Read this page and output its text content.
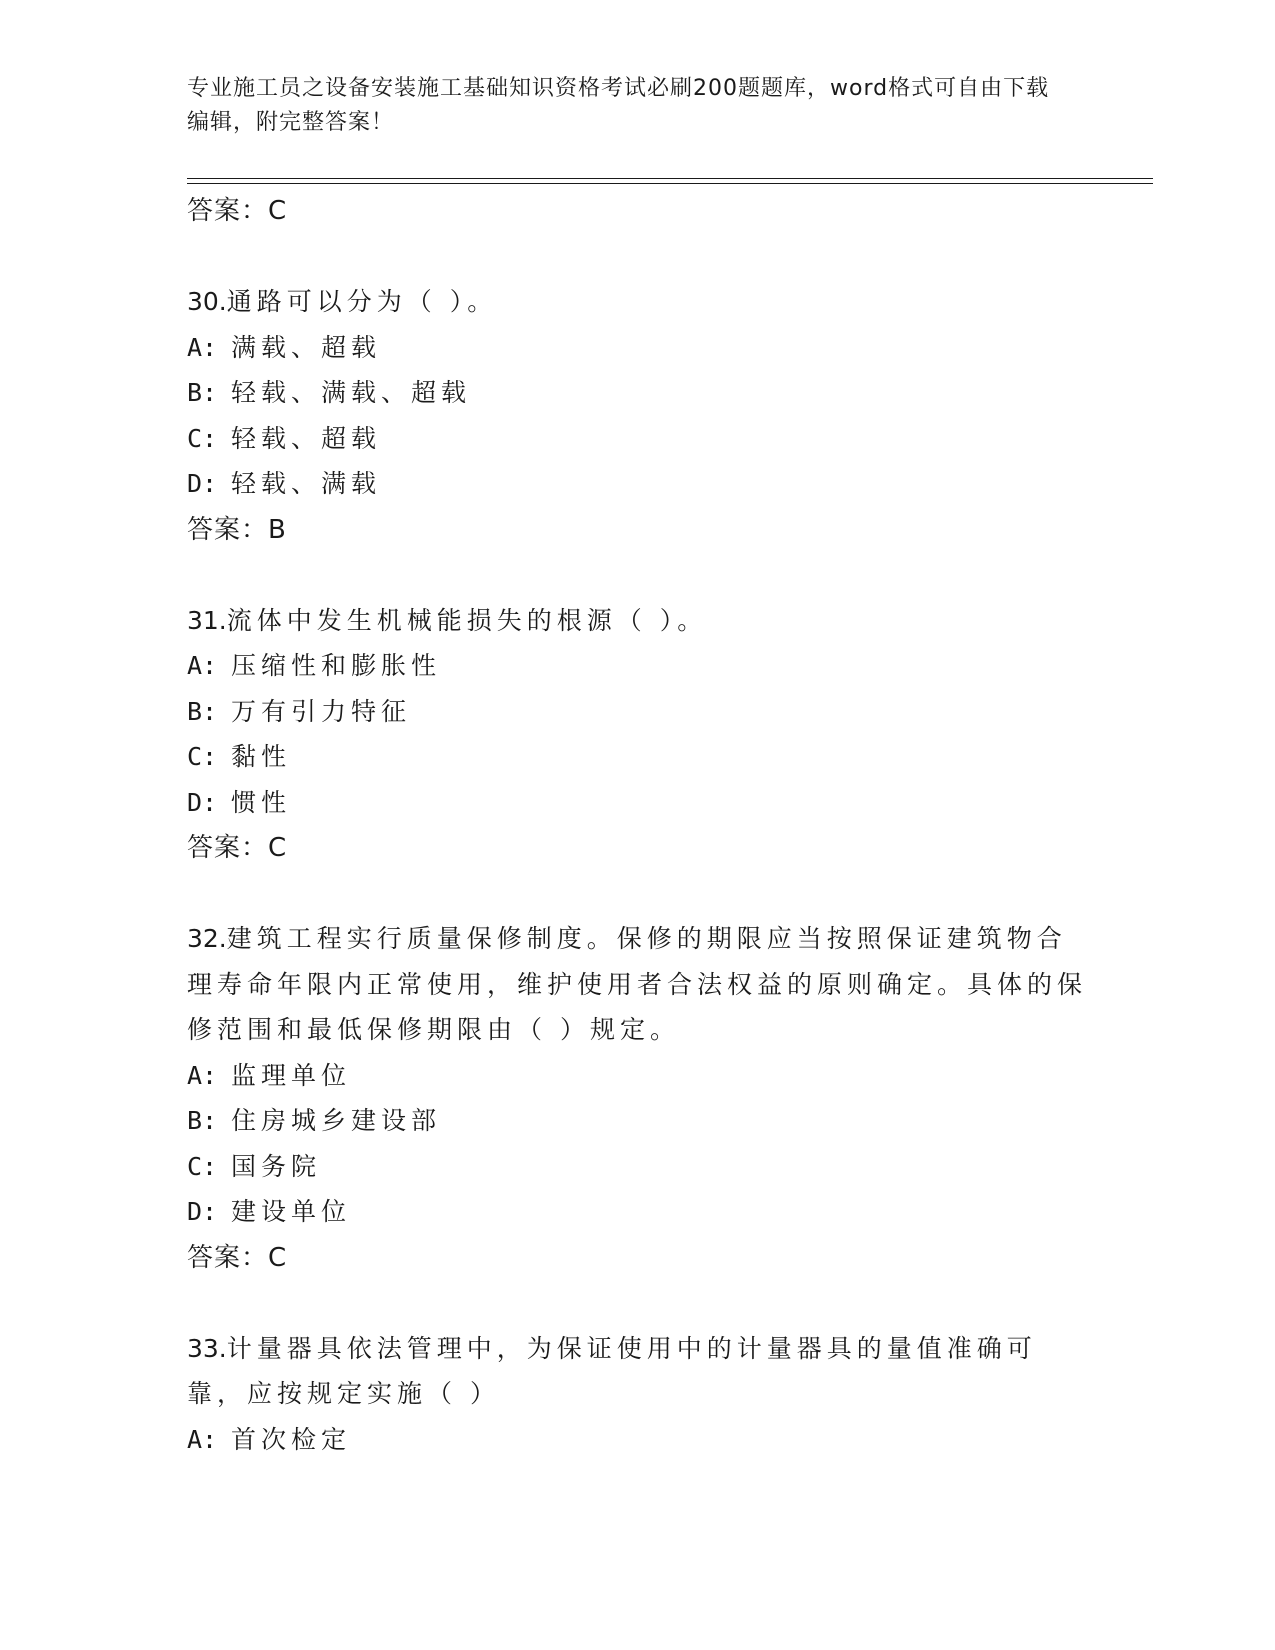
专业施工员之设备安装施工基础知识资格考试必刷200题题库，word格式可自由下载编辑，附完整答案！
答案：C
30.通路可以分为（ ）。
A: 满载、超载
B: 轻载、满载、超载
C: 轻载、超载
D: 轻载、满载
答案：B
31.流体中发生机械能损失的根源（ ）。
A: 压缩性和膨胀性
B: 万有引力特征
C: 黏性
D: 惯性
答案：C
32.建筑工程实行质量保修制度。保修的期限应当按照保证建筑物合理寿命年限内正常使用，维护使用者合法权益的原则确定。具体的保修范围和最低保修期限由（ ）规定。
A: 监理单位
B: 住房城乡建设部
C: 国务院
D: 建设单位
答案：C
33.计量器具依法管理中，为保证使用中的计量器具的量值准确可靠，应按规定实施（ ）
A: 首次检定
